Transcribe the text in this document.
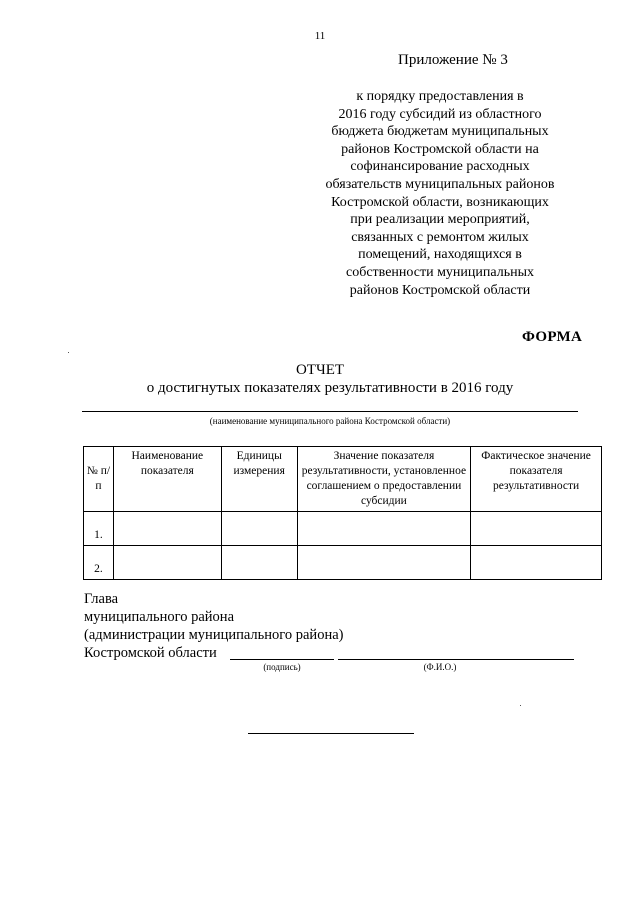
11
Приложение № 3
к порядку предоставления в
2016 году субсидий из областного
бюджета бюджетам муниципальных
районов Костромской области на
софинансирование расходных
обязательств муниципальных районов
Костромской области, возникающих
при реализации мероприятий,
связанных с ремонтом жилых
помещений, находящихся в
собственности муниципальных
районов Костромской области
ФОРМА
ОТЧЕТ
о достигнутых показателях результативности в 2016 году
(наименование муниципального района Костромской области)
№ п/п	Наименование показателя	Единицы измерения	Значение показателя результативности, установленное соглашением о предоставлении субсидии	Фактическое значение показателя результативности
1.				
2.				
Глава
муниципального района
(администрации муниципального района)
Костромской области
(подпись)	(Ф.И.О.)
